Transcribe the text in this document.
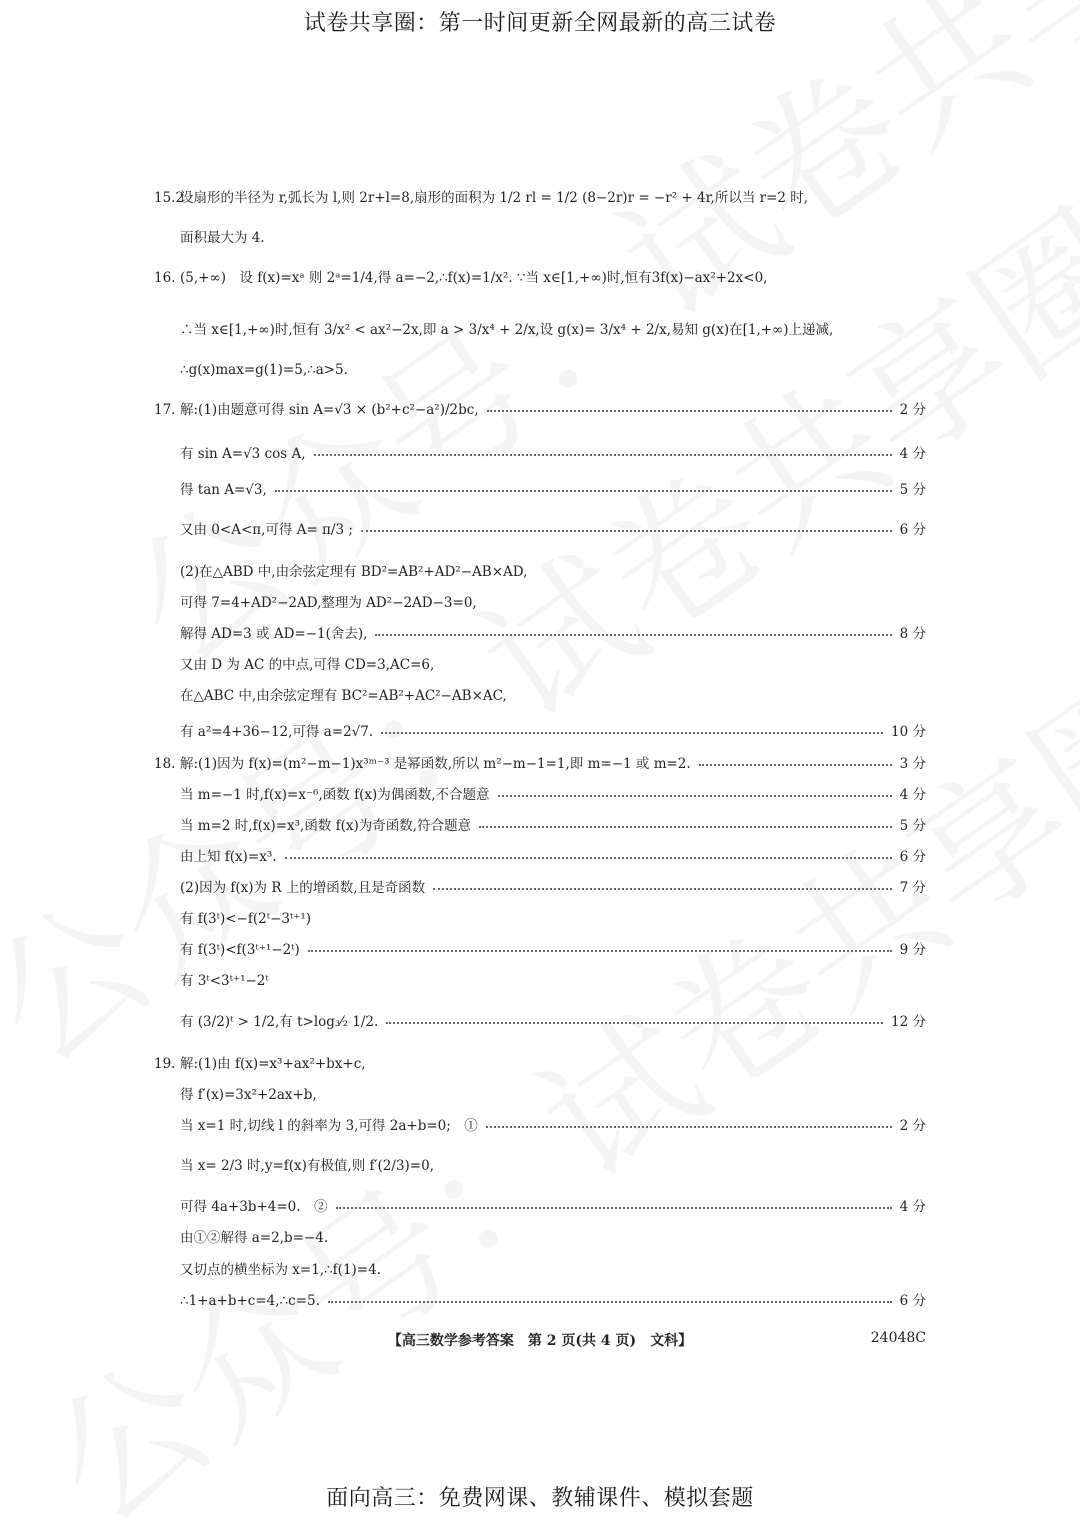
试卷共享圈：第一时间更新全网最新的高三试卷
15.2
设扇形的半径为 r,弧长为 l,则 2r+l=8,扇形的面积为 1/2 rl = 1/2 (8−2r)r = −r² + 4r,所以当 r=2 时,
面积最大为 4.
16. (5,+∞)　设 f(x)=xᵃ 则 2ᵃ=1/4,得 a=−2,∴f(x)=1/x². ∵当 x∈[1,+∞)时,恒有3f(x)−ax²+2x<0,
∴当 x∈[1,+∞)时,恒有 3/x² < ax²−2x,即 a > 3/x⁴ + 2/x,设 g(x)= 3/x⁴ + 2/x,易知 g(x)在[1,+∞)上递减,
∴g(x)max=g(1)=5,∴a>5.
17. 解:(1)由题意可得 sin A=√3 × (b²+c²−a²)/2bc,	2 分
有 sin A=√3 cos A,	4 分
得 tan A=√3,	5 分
又由 0<A<π,可得 A= π/3 ;	6 分
(2)在△ABD 中,由余弦定理有 BD²=AB²+AD²−AB×AD,
可得 7=4+AD²−2AD,整理为 AD²−2AD−3=0,
解得 AD=3 或 AD=−1(舍去),	8 分
又由 D 为 AC 的中点,可得 CD=3,AC=6,
在△ABC 中,由余弦定理有 BC²=AB²+AC²−AB×AC,
有 a²=4+36−12,可得 a=2√7.	10 分
18. 解:(1)因为 f(x)=(m²−m−1)x³ᵐ⁻³ 是幂函数,所以 m²−m−1=1,即 m=−1 或 m=2.	3 分
当 m=−1 时,f(x)=x⁻⁶,函数 f(x)为偶函数,不合题意	4 分
当 m=2 时,f(x)=x³,函数 f(x)为奇函数,符合题意	5 分
由上知 f(x)=x³.	6 分
(2)因为 f(x)为 R 上的增函数,且是奇函数	7 分
有 f(3ᵗ)<−f(2ᵗ−3ᵗ⁺¹)
有 f(3ᵗ)<f(3ᵗ⁺¹−2ᵗ)	9 分
有 3ᵗ<3ᵗ⁺¹−2ᵗ
有 (3/2)ᵗ > 1/2,有 t>log₃⁄₂ 1/2.	12 分
19. 解:(1)由 f(x)=x³+ax²+bx+c,
得 f′(x)=3x²+2ax+b,
当 x=1 时,切线 l 的斜率为 3,可得 2a+b=0;　①	2 分
当 x= 2/3 时,y=f(x)有极值,则 f′(2/3)=0,
可得 4a+3b+4=0.　②	4 分
由①②解得 a=2,b=−4.
又切点的横坐标为 x=1,∴f(1)=4.
∴1+a+b+c=4,∴c=5.	6 分
【高三数学参考答案　第 2 页(共 4 页)　文科】	24048C
面向高三：免费网课、教辅课件、模拟套题
